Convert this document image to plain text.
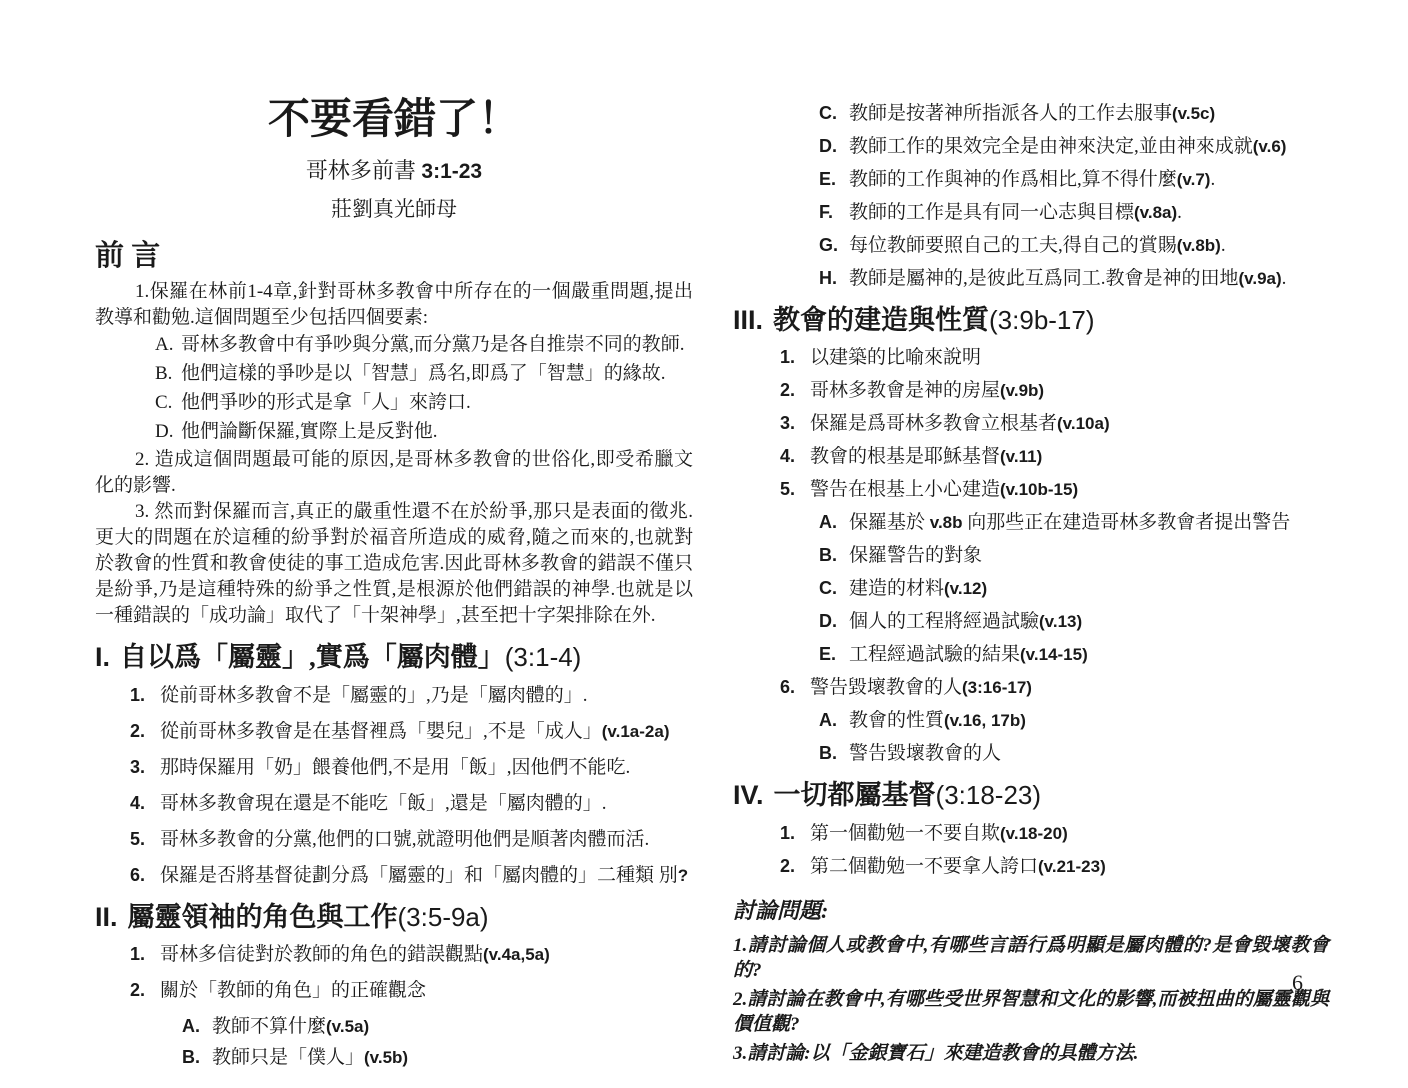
不要看錯了！
哥林多前書 3:1-23
莊劉真光師母
前 言

1.保羅在林前1-4章,針對哥林多教會中所存在的一個嚴重問題,提出教導和勸勉.這個問題至少包括四個要素:

A. 哥林多教會中有爭吵與分黨,而分黨乃是各自推崇不同的教師.
B. 他們這樣的爭吵是以「智慧」爲名,即爲了「智慧」的緣故.
C. 他們爭吵的形式是拿「人」來誇口.
D. 他們論斷保羅,實際上是反對他.

2. 造成這個問題最可能的原因,是哥林多教會的世俗化,即受希臘文化的影響.

3. 然而對保羅而言,真正的嚴重性還不在於紛爭,那只是表面的徵兆.更大的問題在於這種的紛爭對於福音所造成的威脅,隨之而來的,也就對於教會的性質和教會使徒的事工造成危害.因此哥林多教會的錯誤不僅只是紛爭,乃是這種特殊的紛爭之性質,是根源於他們錯誤的神學.也就是以一種錯誤的「成功論」取代了「十架神學」,甚至把十字架排除在外.

I. 自以爲「屬靈」,實爲「屬肉體」(3:1-4)
1. 從前哥林多教會不是「屬靈的」,乃是「屬肉體的」.
2. 從前哥林多教會是在基督裡爲「嬰兒」,不是「成人」(v.1a-2a)
3. 那時保羅用「奶」餵養他們,不是用「飯」,因他們不能吃.
4. 哥林多教會現在還是不能吃「飯」,還是「屬肉體的」.
5. 哥林多教會的分黨,他們的口號,就證明他們是順著肉體而活.
6. 保羅是否將基督徒劃分爲「屬靈的」和「屬肉體的」二種類 別?
II. 屬靈領袖的角色與工作(3:5-9a)
1. 哥林多信徒對於教師的角色的錯誤觀點(v.4a,5a)
2. 關於「教師的角色」的正確觀念
A. 教師不算什麼(v.5a)
B. 教師只是「僕人」(v.5b)
C. 教師是按著神所指派各人的工作去服事(v.5c)
D. 教師工作的果效完全是由神來決定,並由神來成就(v.6)
E. 教師的工作與神的作爲相比,算不得什麼(v.7).
F. 教師的工作是具有同一心志與目標(v.8a).
G. 每位教師要照自己的工夫,得自己的賞賜(v.8b).
H. 教師是屬神的,是彼此互爲同工.教會是神的田地(v.9a).
III. 教會的建造與性質(3:9b-17)
1. 以建築的比喻來說明
2. 哥林多教會是神的房屋(v.9b)
3. 保羅是爲哥林多教會立根基者(v.10a)
4. 教會的根基是耶穌基督(v.11)
5. 警告在根基上小心建造(v.10b-15)
A. 保羅基於 v.8b 向那些正在建造哥林多教會者提出警告
B. 保羅警告的對象
C. 建造的材料(v.12)
D. 個人的工程將經過試驗(v.13)
E. 工程經過試驗的結果(v.14-15)
6. 警告毀壞教會的人(3:16-17)
A. 教會的性質(v.16, 17b)
B. 警告毀壞教會的人
IV. 一切都屬基督(3:18-23)
1. 第一個勸勉一不要自欺(v.18-20)
2. 第二個勸勉一不要拿人誇口(v.21-23)
討論問題:

1.請討論個人或教會中,有哪些言語行爲明顯是屬肉體的?是會毀壞教會的?

2.請討論在教會中,有哪些受世界智慧和文化的影響,而被扭曲的屬靈觀與價值觀?

3.請討論:以「金銀寶石」來建造教會的具體方法.

6
